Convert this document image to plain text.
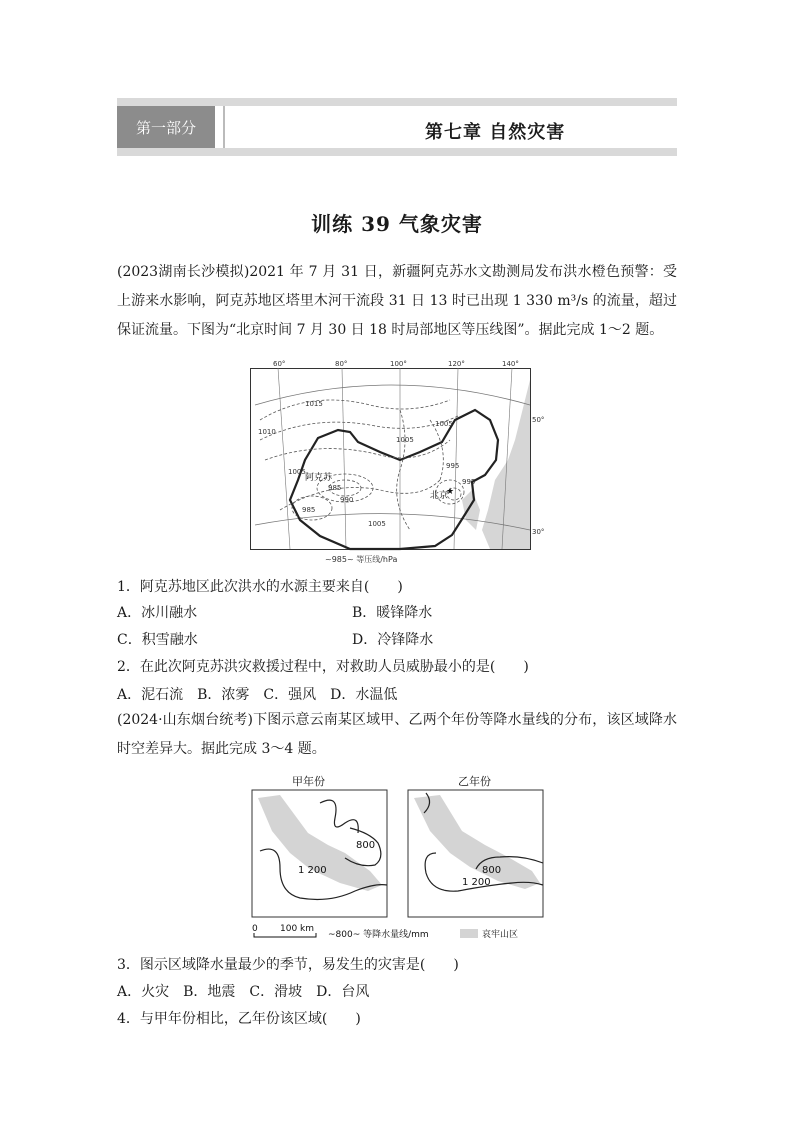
第一部分	第七章 自然灾害
训练 39 气象灾害
(2023湖南长沙模拟)2021 年 7 月 31 日，新疆阿克苏水文勘测局发布洪水橙色预警：受上游来水影响，阿克苏地区塔里木河干流段 31 日 13 时已出现 1 330 m³/s 的流量，超过保证流量。下图为“北京时间 7 月 30 日 18 时局部地区等压线图”。据此完成 1～2 题。
60°	80°	100°	120°	140°
50°
30°
1015
1010
1005
1005
1005
1005
995
995
990
985
985
阿克苏
北京
★
~985~ 等压线/hPa
1．阿克苏地区此次洪水的水源主要来自(　　)
A．冰川融水	B．暖锋降水
C．积雪融水	D．冷锋降水
2．在此次阿克苏洪灾救援过程中，对救助人员威胁最小的是(　　)
A．泥石流　B．浓雾　C．强风　D．水温低
(2024·山东烟台统考)下图示意云南某区域甲、乙两个年份等降水量线的分布，该区域降水时空差异大。据此完成 3～4 题。
甲年份	乙年份
800
1 200	800
1 200
0 100 km
~800~ 等降水量线/mm	哀牢山区
3．图示区域降水量最少的季节，易发生的灾害是(　　)
A．火灾　B．地震　C．滑坡　D．台风
4．与甲年份相比，乙年份该区域(　　)
